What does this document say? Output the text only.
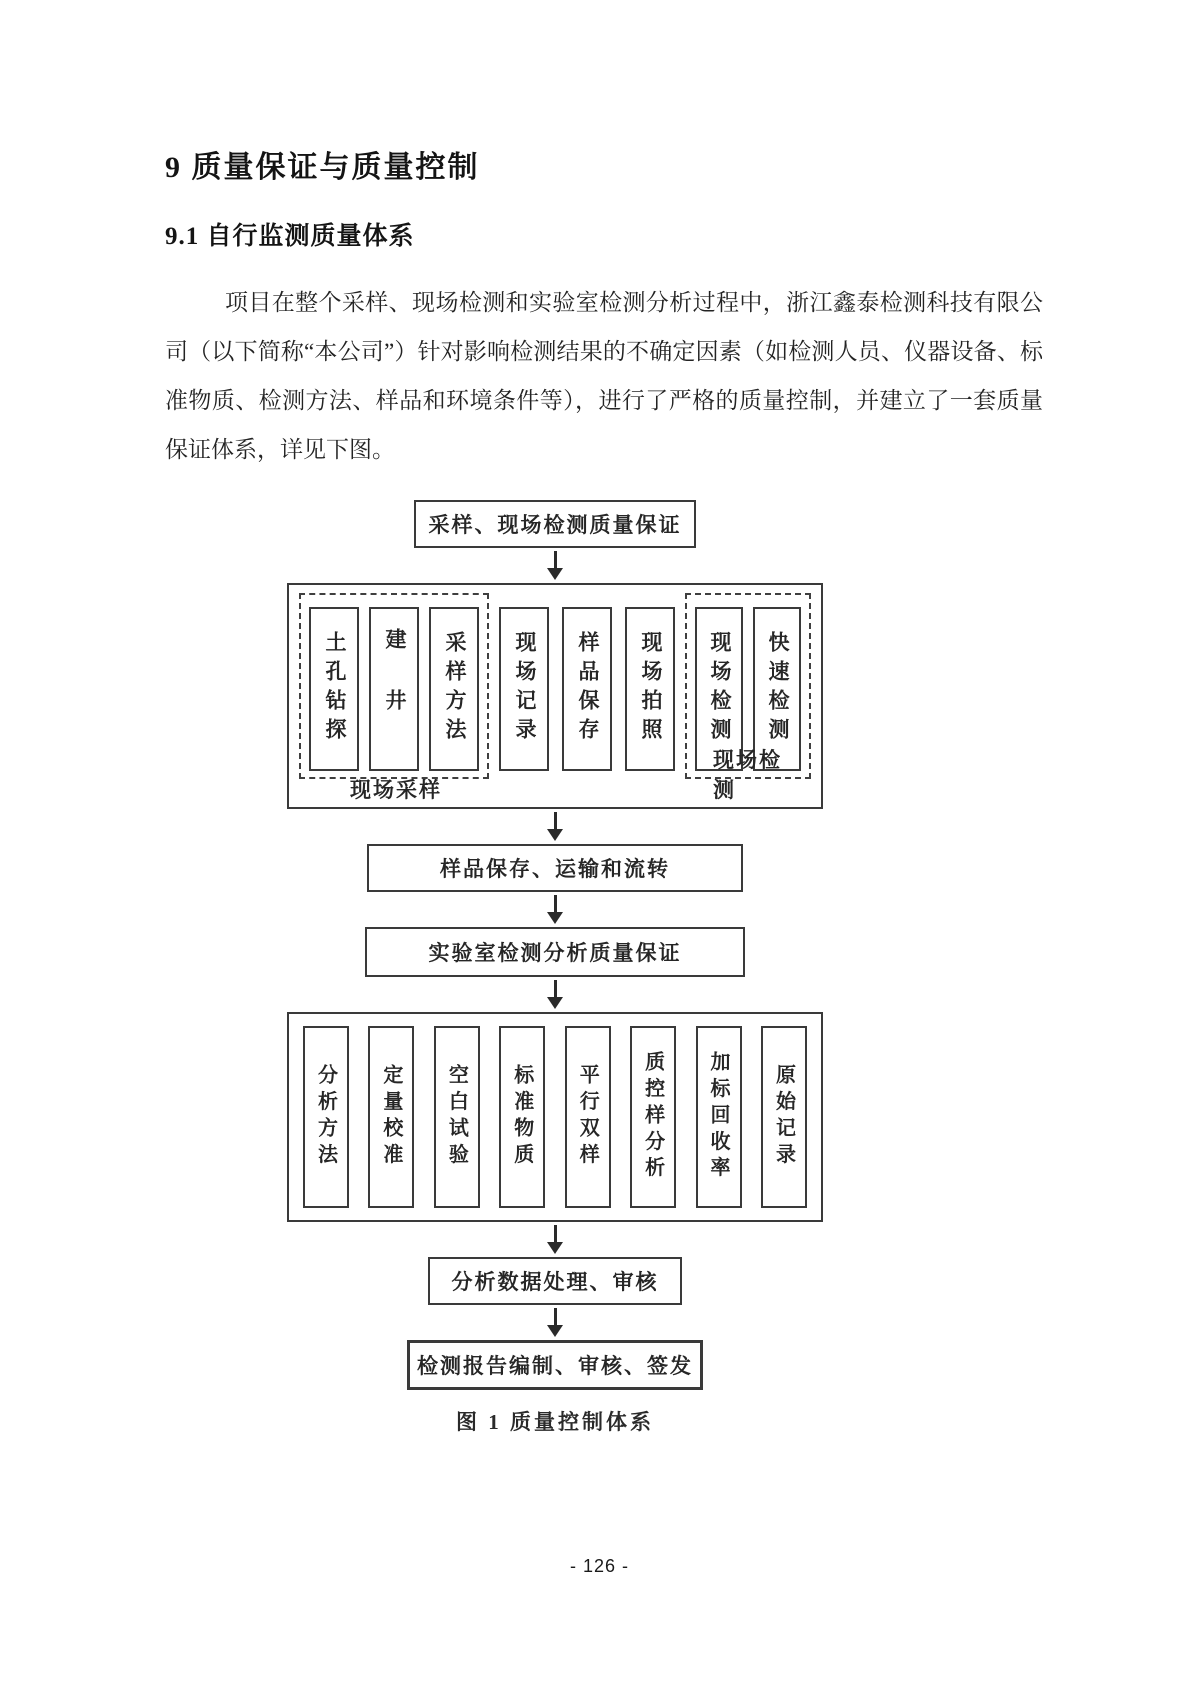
9 质量保证与质量控制
9.1 自行监测质量体系

项目在整个采样、现场检测和实验室检测分析过程中，浙江鑫泰检测科技有限公司（以下简称“本公司”）针对影响检测结果的不确定因素（如检测人员、仪器设备、标准物质、检测方法、样品和环境条件等），进行了严格的质量控制，并建立了一套质量保证体系，详见下图。

采样、现场检测质量保证
土孔钻探	建井	采样方法	现场记录	样品保存	现场拍照	现场检测	快速检测
现场采样
现场检测
样品保存、运输和流转
实验室检测分析质量保证
分析方法	定量校准	空白试验	标准物质	平行双样	质控样分析	加标回收率	原始记录
分析数据处理、审核
检测报告编制、审核、签发
图 1 质量控制体系
- 126 -
